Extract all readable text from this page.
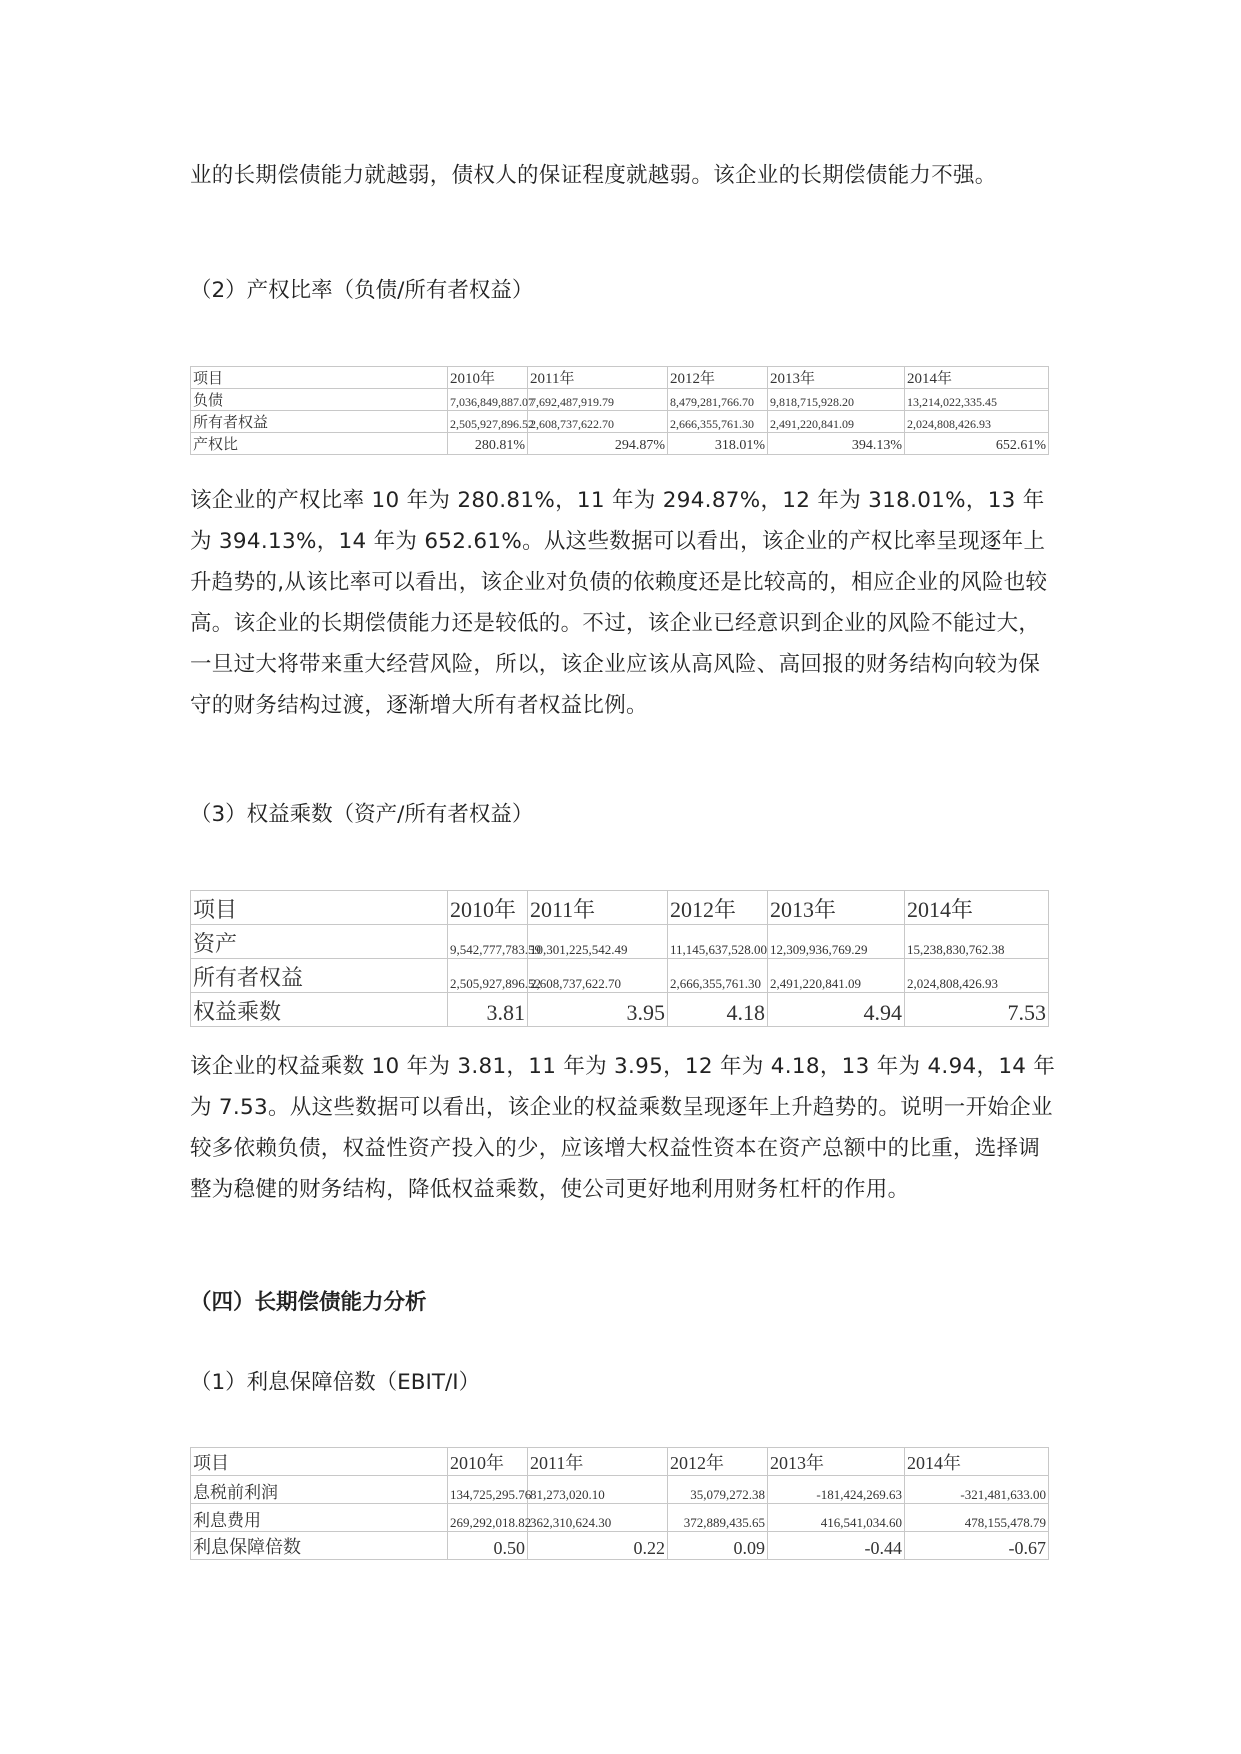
业的长期偿债能力就越弱，债权人的保证程度就越弱。该企业的长期偿债能力不强。

（2）产权比率（负债/所有者权益）

项目	2010年	2011年	2012年	2013年	2014年
负债	7,036,849,887.07	7,692,487,919.79	8,479,281,766.70	9,818,715,928.20	13,214,022,335.45
所有者权益	2,505,927,896.52	2,608,737,622.70	2,666,355,761.30	2,491,220,841.09	2,024,808,426.93
产权比	280.81%	294.87%	318.01%	394.13%	652.61%

该企业的产权比率 10 年为 280.81%，11 年为 294.87%，12 年为 318.01%，13 年为 394.13%，14 年为 652.61%。从这些数据可以看出，该企业的产权比率呈现逐年上升趋势的,从该比率可以看出，该企业对负债的依赖度还是比较高的，相应企业的风险也较高。该企业的长期偿债能力还是较低的。不过，该企业已经意识到企业的风险不能过大，一旦过大将带来重大经营风险，所以，该企业应该从高风险、高回报的财务结构向较为保守的财务结构过渡，逐渐增大所有者权益比例。

（3）权益乘数（资产/所有者权益）

项目	2010年	2011年	2012年	2013年	2014年
资产	9,542,777,783.59	10,301,225,542.49	11,145,637,528.00	12,309,936,769.29	15,238,830,762.38
所有者权益	2,505,927,896.52	2,608,737,622.70	2,666,355,761.30	2,491,220,841.09	2,024,808,426.93
权益乘数	3.81	3.95	4.18	4.94	7.53

该企业的权益乘数 10 年为 3.81，11 年为 3.95，12 年为 4.18，13 年为 4.94，14 年为 7.53。从这些数据可以看出，该企业的权益乘数呈现逐年上升趋势的。说明一开始企业较多依赖负债，权益性资产投入的少，应该增大权益性资本在资产总额中的比重，选择调整为稳健的财务结构，降低权益乘数，使公司更好地利用财务杠杆的作用。

（四）长期偿债能力分析

（1）利息保障倍数（EBIT/I）

项目	2010年	2011年	2012年	2013年	2014年
息税前利润	134,725,295.76	81,273,020.10	35,079,272.38	-181,424,269.63	-321,481,633.00
利息费用	269,292,018.82	362,310,624.30	372,889,435.65	416,541,034.60	478,155,478.79
利息保障倍数	0.50	0.22	0.09	-0.44	-0.67
